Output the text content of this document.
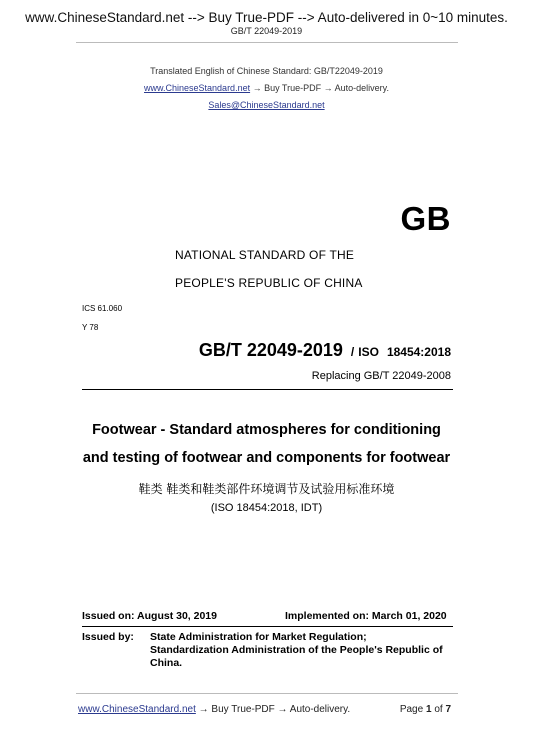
www.ChineseStandard.net --> Buy True-PDF --> Auto-delivered in 0~10 minutes.
GB/T 22049-2019
Translated English of Chinese Standard: GB/T22049-2019
www.ChineseStandard.net → Buy True-PDF → Auto-delivery.
Sales@ChineseStandard.net
GB
NATIONAL STANDARD OF THE
PEOPLE'S REPUBLIC OF CHINA
ICS 61.060
Y 78
GB/T 22049-2019 / ISO 18454:2018
Replacing GB/T 22049-2008
Footwear - Standard atmospheres for conditioning
and testing of footwear and components for footwear
鞋类 鞋类和鞋类部件环境调节及试验用标准环境
(ISO 18454:2018, IDT)
Issued on: August 30, 2019	Implemented on: March 01, 2020
Issued by: State Administration for Market Regulation;
Standardization Administration of the People's Republic of China.
www.ChineseStandard.net → Buy True-PDF → Auto-delivery.	Page 1 of 7
